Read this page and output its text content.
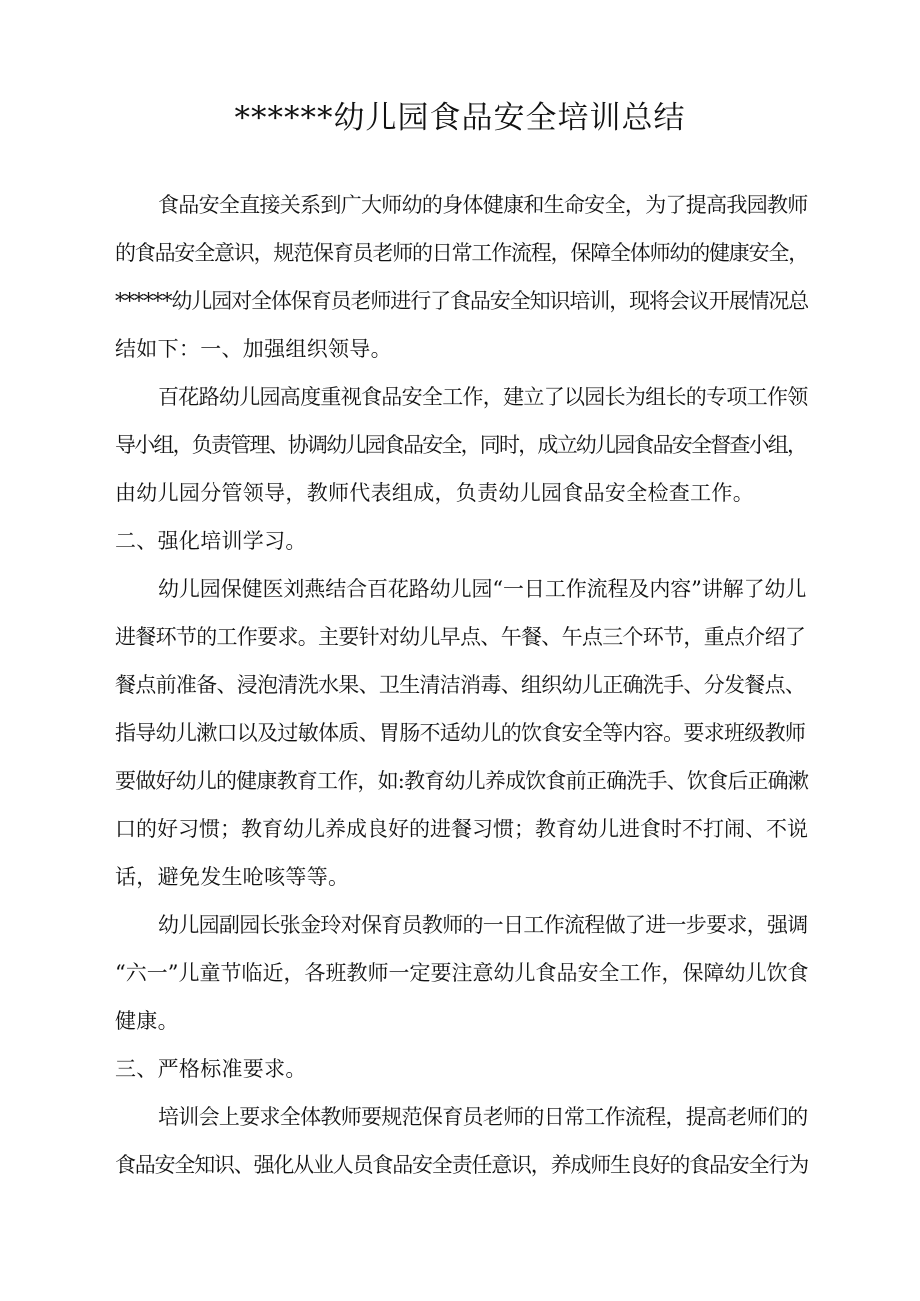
******幼儿园食品安全培训总结
食品安全直接关系到广大师幼的身体健康和生命安全，为了提高我园教师
的食品安全意识，规范保育员老师的日常工作流程，保障全体师幼的健康安全，
******幼儿园对全体保育员老师进行了食品安全知识培训，现将会议开展情况总
结如下：一、加强组织领导。
百花路幼儿园高度重视食品安全工作，建立了以园长为组长的专项工作领
导小组，负责管理、协调幼儿园食品安全，同时，成立幼儿园食品安全督查小组，
由幼儿园分管领导，教师代表组成，负责幼儿园食品安全检查工作。
二、强化培训学习。
幼儿园保健医刘燕结合百花路幼儿园“一日工作流程及内容”讲解了幼儿
进餐环节的工作要求。主要针对幼儿早点、午餐、午点三个环节，重点介绍了
餐点前准备、浸泡清洗水果、卫生清洁消毒、组织幼儿正确洗手、分发餐点、
指导幼儿漱口以及过敏体质、胃肠不适幼儿的饮食安全等内容。要求班级教师
要做好幼儿的健康教育工作，如:教育幼儿养成饮食前正确洗手、饮食后正确漱
口的好习惯；教育幼儿养成良好的进餐习惯；教育幼儿进食时不打闹、不说
话，避免发生呛咳等等。
幼儿园副园长张金玲对保育员教师的一日工作流程做了进一步要求，强调
“六一”儿童节临近，各班教师一定要注意幼儿食品安全工作，保障幼儿饮食
健康。
三、严格标准要求。
培训会上要求全体教师要规范保育员老师的日常工作流程，提高老师们的
食品安全知识、强化从业人员食品安全责任意识，养成师生良好的食品安全行为
